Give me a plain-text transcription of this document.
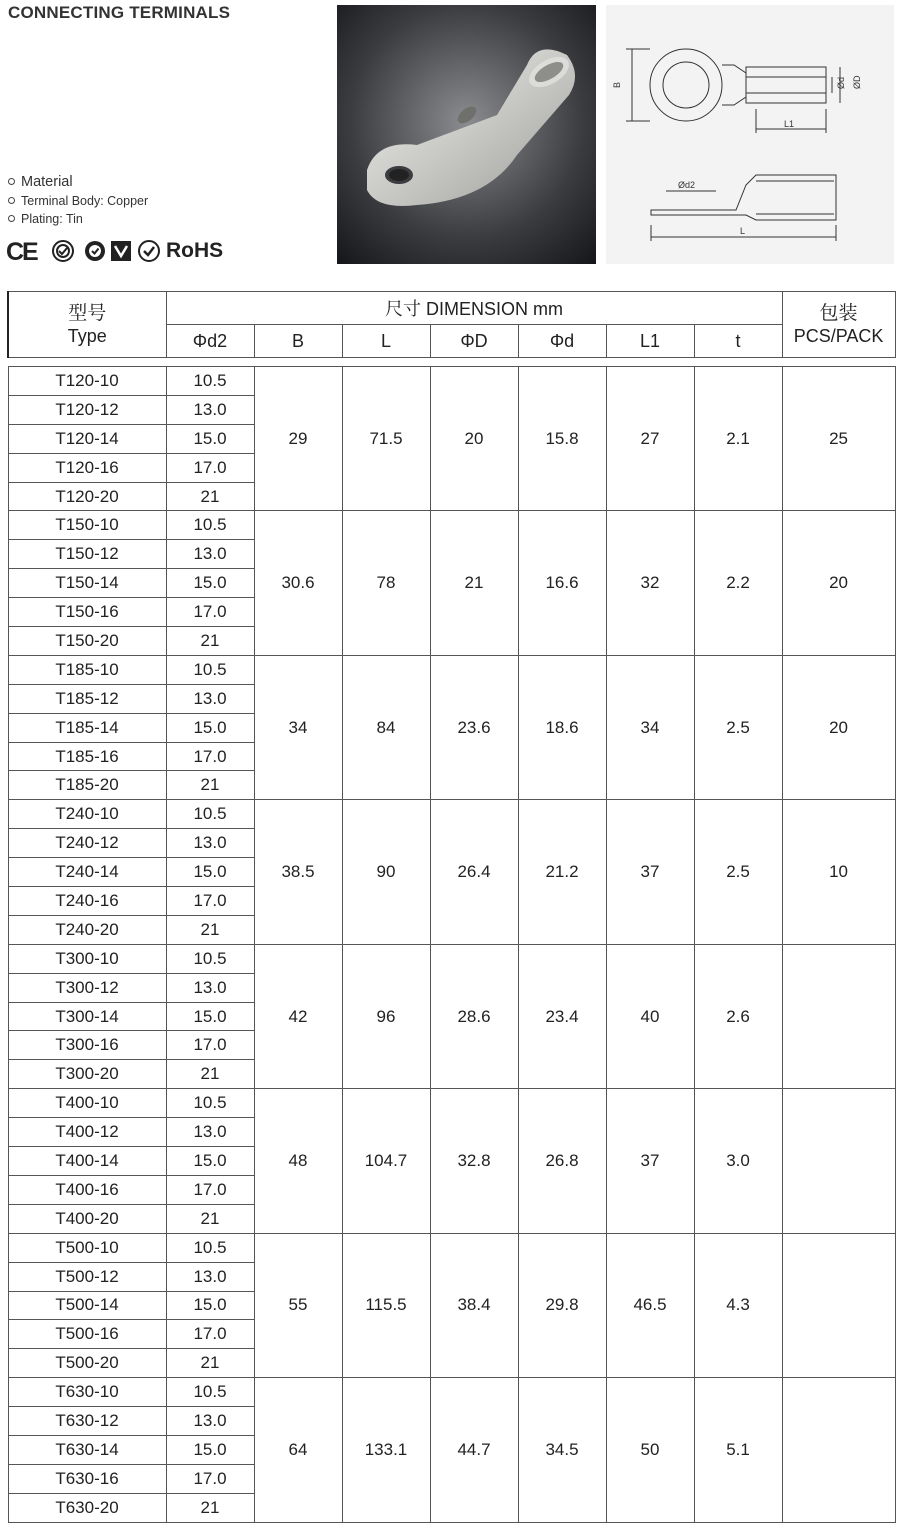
CONNECTING TERMINALS
Material
Terminal Body: Copper
Plating: Tin
CE	RoHS
B	ØD
Ød
L1
Ød2
L
型号
Type	尺寸 DIMENSION mm							包装
PCS/PACK

	Φd2	B	L	ΦD	Φd	L1	t	

T120-10	10.5	29	71.5	20	15.8	27	2.1	25
T120-12	13.0							
T120-14	15.0							
T120-16	17.0							
T120-20	21							
T150-10	10.5	30.6	78	21	16.6	32	2.2	20
T150-12	13.0							
T150-14	15.0							
T150-16	17.0							
T150-20	21							
T185-10	10.5	34	84	23.6	18.6	34	2.5	20
T185-12	13.0							
T185-14	15.0							
T185-16	17.0							
T185-20	21							
T240-10	10.5	38.5	90	26.4	21.2	37	2.5	10
T240-12	13.0							
T240-14	15.0							
T240-16	17.0							
T240-20	21							
T300-10	10.5	42	96	28.6	23.4	40	2.6	
T300-12	13.0							
T300-14	15.0							
T300-16	17.0							
T300-20	21							
T400-10	10.5	48	104.7	32.8	26.8	37	3.0	
T400-12	13.0							
T400-14	15.0							
T400-16	17.0							
T400-20	21							
T500-10	10.5	55	115.5	38.4	29.8	46.5	4.3	
T500-12	13.0							
T500-14	15.0							
T500-16	17.0							
T500-20	21							
T630-10	10.5	64	133.1	44.7	34.5	50	5.1	
T630-12	13.0							
T630-14	15.0							
T630-16	17.0							
T630-20	21							
